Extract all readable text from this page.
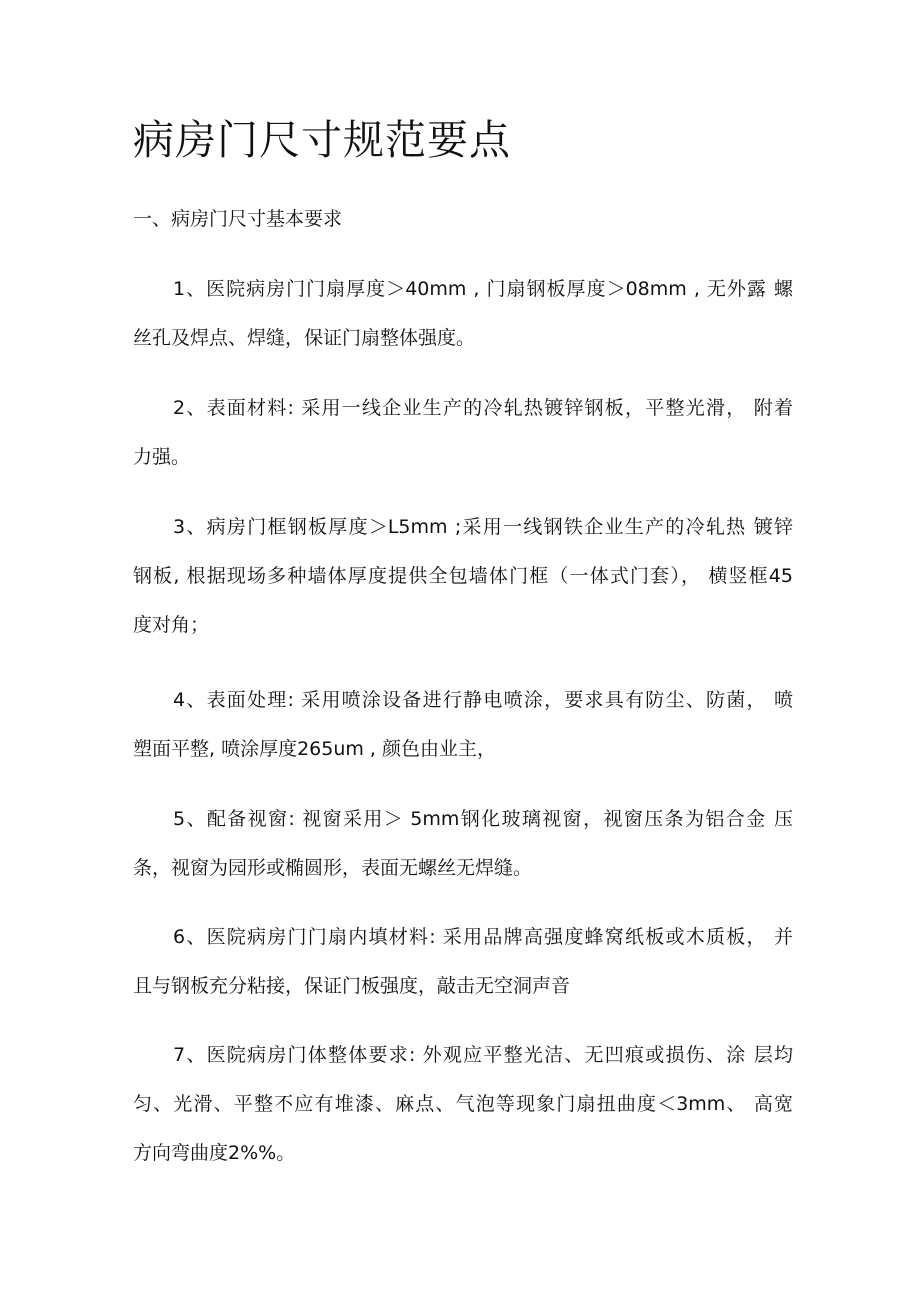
病房门尺寸规范要点
一、病房门尺寸基本要求
1、医院病房门门扇厚度＞40mm , 门扇钢板厚度＞08mm , 无外露 螺
丝孔及焊点、焊缝，保证门扇整体强度。
2、表面材料: 采用一线企业生产的冷轧热镀锌钢板，平整光滑， 附着
力强。
3、病房门框钢板厚度＞L5mm ;采用一线钢铁企业生产的冷轧热 镀锌
钢板, 根据现场多种墙体厚度提供全包墙体门框（一体式门套）， 横竖框45
度对角；
4、表面处理: 采用喷涂设备进行静电喷涂，要求具有防尘、防菌， 喷
塑面平整, 喷涂厚度265um , 颜色由业主，
5、配备视窗: 视窗采用＞ 5mm钢化玻璃视窗，视窗压条为铝合金 压
条，视窗为园形或椭圆形，表面无螺丝无焊缝。
6、医院病房门门扇内填材料: 采用品牌高强度蜂窝纸板或木质板， 并
且与钢板充分粘接，保证门板强度，敲击无空洞声音
7、医院病房门体整体要求: 外观应平整光洁、无凹痕或损伤、涂 层均
匀、光滑、平整不应有堆漆、麻点、气泡等现象门扇扭曲度＜3mm、 高宽
方向弯曲度2%%。
